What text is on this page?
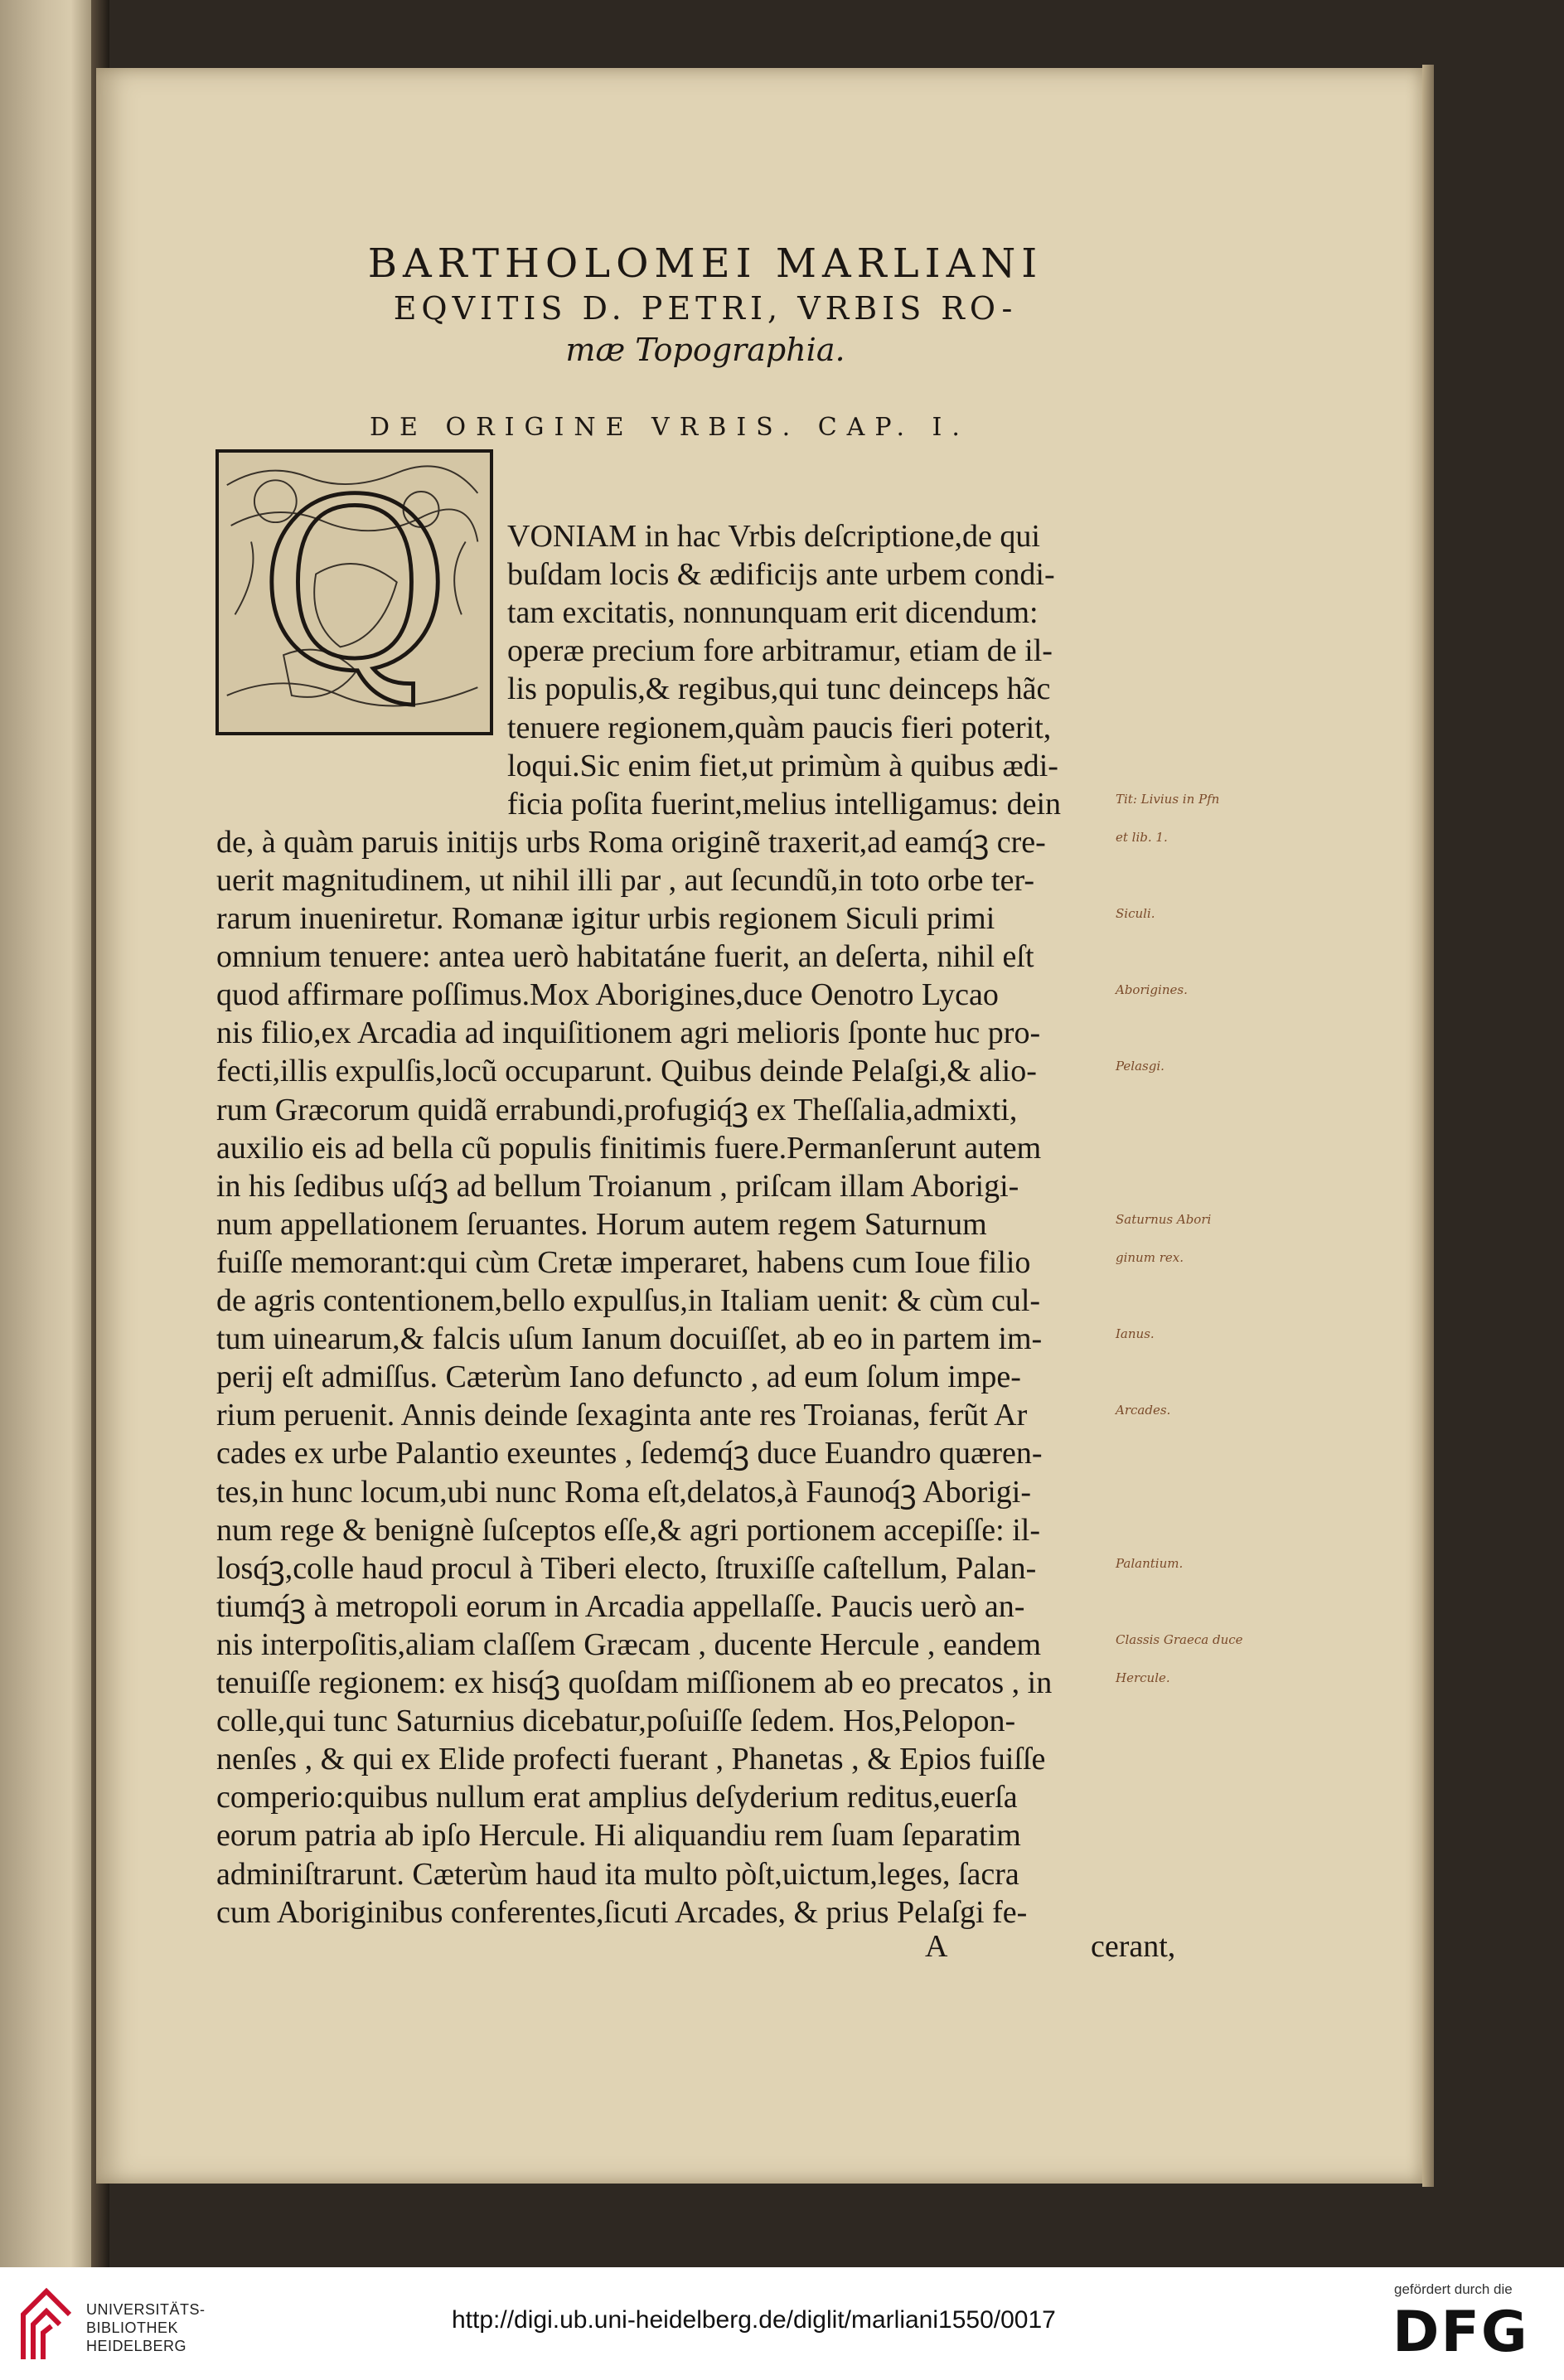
BARTHOLOMEI MARLIANI
EQVITIS D. PETRI, VRBIS RO-
mæ Topographia.
DE ORIGINE VRBIS. CAP. I.
Q VONIAM in hac Vrbis deſcriptione,de qui
buſdam locis & ædificijs ante urbem condi-
tam excitatis, nonnunquam erit dicendum:
operæ precium fore arbitramur, etiam de il-
lis populis,& regibus,qui tunc deinceps hãc
tenuere regionem,quàm paucis fieri poterit,
loqui.Sic enim fiet,ut primùm à quibus ædi-
ficia poſita fuerint,melius intelligamus: dein
de, à quàm paruis initijs urbs Roma originẽ traxerit,ad eamq́ꝫ cre-
uerit magnitudinem, ut nihil illi par , aut ſecundũ,in toto orbe ter-
rarum inueniretur. Romanæ igitur urbis regionem Siculi primi
omnium tenuere: antea uerò habitatáne fuerit, an deſerta, nihil eſt
quod affirmare poſſimus.Mox Aborigines,duce Oenotro Lycao
nis filio,ex Arcadia ad inquiſitionem agri melioris ſponte huc pro-
fecti,illis expulſis,locũ occuparunt. Quibus deinde Pelaſgi,& alio-
rum Græcorum quidã errabundi,profugiq́ꝫ ex Theſſalia,admixti,
auxilio eis ad bella cũ populis finitimis fuere.Permanſerunt autem
in his ſedibus uſq́ꝫ ad bellum Troianum , priſcam illam Aborigi-
num appellationem ſeruantes. Horum autem regem Saturnum
fuiſſe memorant:qui cùm Cretæ imperaret, habens cum Ioue filio
de agris contentionem,bello expulſus,in Italiam uenit: & cùm cul-
tum uinearum,& falcis uſum Ianum docuiſſet, ab eo in partem im-
perij eſt admiſſus. Cæterùm Iano defuncto , ad eum ſolum impe-
rium peruenit. Annis deinde ſexaginta ante res Troianas, ferũt Ar
cades ex urbe Palantio exeuntes , ſedemq́ꝫ duce Euandro quæren-
tes,in hunc locum,ubi nunc Roma eſt,delatos,à Faunoq́ꝫ Aborigi-
num rege & benignè ſuſceptos eſſe,& agri portionem accepiſſe: il-
losq́ꝫ,colle haud procul à Tiberi electo, ſtruxiſſe caſtellum, Palan-
tiumq́ꝫ à metropoli eorum in Arcadia appellaſſe. Paucis uerò an-
nis interpoſitis,aliam claſſem Græcam , ducente Hercule , eandem
tenuiſſe regionem: ex hisq́ꝫ quoſdam miſſionem ab eo precatos , in
colle,qui tunc Saturnius dicebatur,poſuiſſe ſedem. Hos,Pelopon-
nenſes , & qui ex Elide profecti fuerant , Phanetas , & Epios fuiſſe
comperio:quibus nullum erat amplius deſyderium reditus,euerſa
eorum patria ab ipſo Hercule. Hi aliquandiu rem ſuam ſeparatim
adminiſtrarunt. Cæterùm haud ita multo pòſt,uictum,leges, ſacra
cum Aboriginibus conferentes,ſicuti Arcades, & prius Pelaſgi fe-
Tit: Livius in Pfn
et lib. 1.
Siculi.
Aborigines.
Pelasgi.
Saturnus Abori
ginum rex.
Ianus.
Arcades.
Palantium.
Classis Graeca duce
Hercule.
A	cerant,
UNIVERSITÄTS-
BIBLIOTHEK
HEIDELBERG
http://digi.ub.uni-heidelberg.de/diglit/marliani1550/0017
gefördert durch die
DFG
